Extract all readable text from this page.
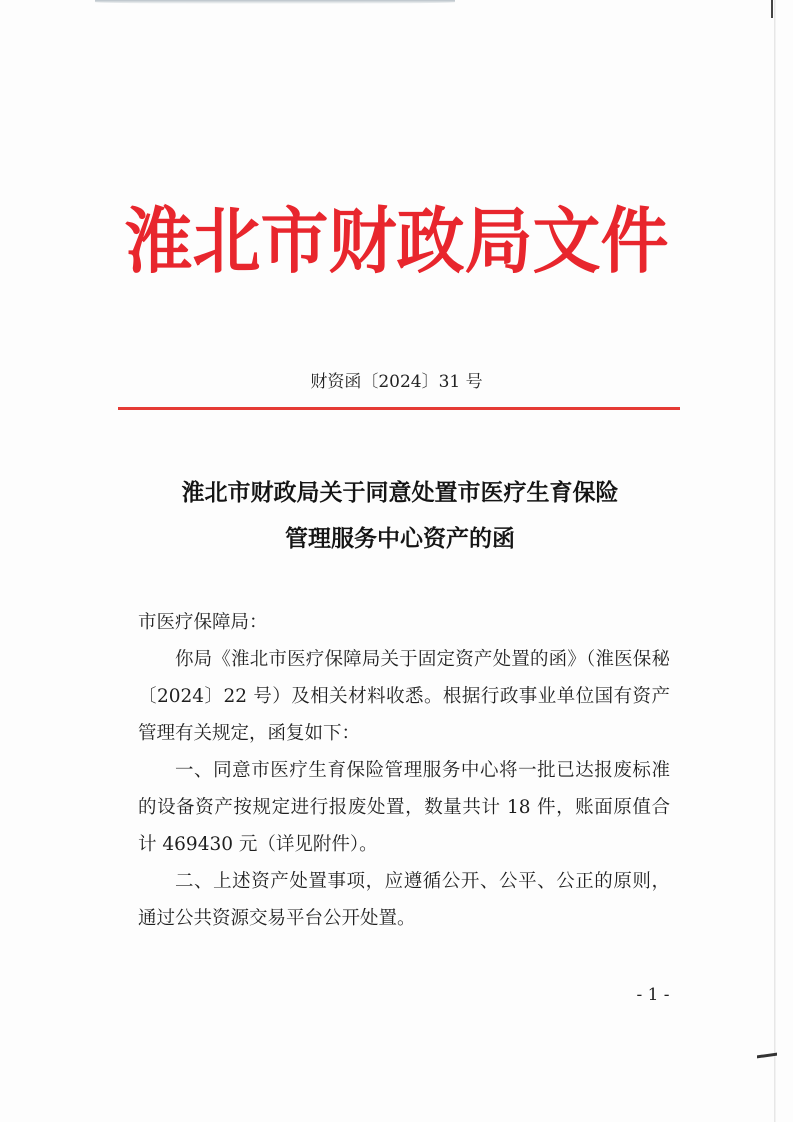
淮北市财政局文件
财资函〔2024〕31 号
淮北市财政局关于同意处置市医疗生育保险
管理服务中心资产的函
市医疗保障局：

你局《淮北市医疗保障局关于固定资产处置的函》（淮医保秘〔2024〕22 号）及相关材料收悉。根据行政事业单位国有资产管理有关规定，函复如下：

一、同意市医疗生育保险管理服务中心将一批已达报废标准的设备资产按规定进行报废处置，数量共计 18 件，账面原值合计 469430 元（详见附件）。

二、上述资产处置事项，应遵循公开、公平、公正的原则，通过公共资源交易平台公开处置。

- 1 -
